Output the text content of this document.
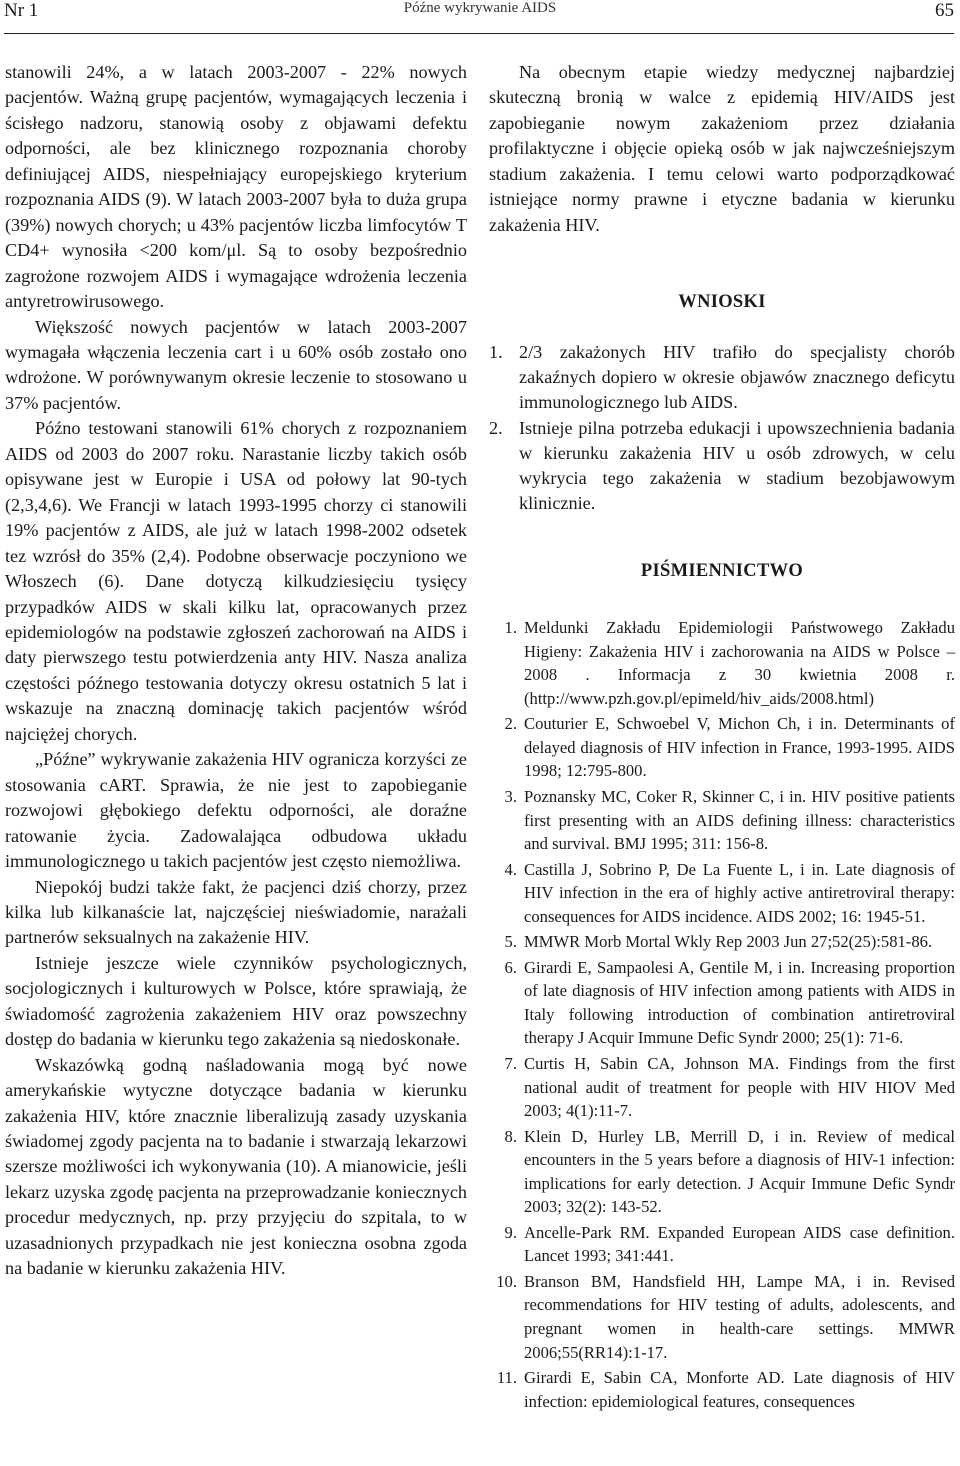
Nr 1	Późne wykrywanie AIDS	65

stanowili 24%, a w latach 2003-2007 - 22% nowych pacjentów. Ważną grupę pacjentów, wymagających leczenia i ścisłego nadzoru, stanowią osoby z objawami defektu odporności, ale bez klinicznego rozpoznania choroby definiującej AIDS, niespełniający europejskiego kryterium rozpoznania AIDS (9). W latach 2003-2007 była to duża grupa (39%) nowych chorych; u 43% pacjentów liczba limfocytów T CD4+ wynosiła <200 kom/μl. Są to osoby bezpośrednio zagrożone rozwojem AIDS i wymagające wdrożenia leczenia antyretrowirusowego.

Większość nowych pacjentów w latach 2003-2007 wymagała włączenia leczenia cart i u 60% osób zostało ono wdrożone. W porównywanym okresie leczenie to stosowano u 37% pacjentów.

Późno testowani stanowili 61% chorych z rozpoznaniem AIDS od 2003 do 2007 roku. Narastanie liczby takich osób opisywane jest w Europie i USA od połowy lat 90-tych (2,3,4,6). We Francji w latach 1993-1995 chorzy ci stanowili 19% pacjentów z AIDS, ale już w latach 1998-2002 odsetek tez wzrósł do 35% (2,4). Podobne obserwacje poczyniono we Włoszech (6). Dane dotyczą kilkudziesięciu tysięcy przypadków AIDS w skali kilku lat, opracowanych przez epidemiologów na podstawie zgłoszeń zachorowań na AIDS i daty pierwszego testu potwierdzenia anty HIV. Nasza analiza częstości późnego testowania dotyczy okresu ostatnich 5 lat i wskazuje na znaczną dominację takich pacjentów wśród najciężej chorych.

„Późne” wykrywanie zakażenia HIV ogranicza korzyści ze stosowania cART. Sprawia, że nie jest to zapobieganie rozwojowi głębokiego defektu odporności, ale doraźne ratowanie życia. Zadowalająca odbudowa układu immunologicznego u takich pacjentów jest często niemożliwa.

Niepokój budzi także fakt, że pacjenci dziś chorzy, przez kilka lub kilkanaście lat, najczęściej nieświadomie, narażali partnerów seksualnych na zakażenie HIV.

Istnieje jeszcze wiele czynników psychologicznych, socjologicznych i kulturowych w Polsce, które sprawiają, że świadomość zagrożenia zakażeniem HIV oraz powszechny dostęp do badania w kierunku tego zakażenia są niedoskonałe.

Wskazówką godną naśladowania mogą być nowe amerykańskie wytyczne dotyczące badania w kierunku zakażenia HIV, które znacznie liberalizują zasady uzyskania świadomej zgody pacjenta na to badanie i stwarzają lekarzowi szersze możliwości ich wykonywania (10). A mianowicie, jeśli lekarz uzyska zgodę pacjenta na przeprowadzanie koniecznych procedur medycznych, np. przy przyjęciu do szpitala, to w uzasadnionych przypadkach nie jest konieczna osobna zgoda na badanie w kierunku zakażenia HIV.

Na obecnym etapie wiedzy medycznej najbardziej skuteczną bronią w walce z epidemią HIV/AIDS jest zapobieganie nowym zakażeniom przez działania profilaktyczne i objęcie opieką osób w jak najwcześniejszym stadium zakażenia. I temu celowi warto podporządkować istniejące normy prawne i etyczne badania w kierunku zakażenia HIV.

WNIOSKI
1. 2/3 zakażonych HIV trafiło do specjalisty chorób zakaźnych dopiero w okresie objawów znacznego deficytu immunologicznego lub AIDS.
2. Istnieje pilna potrzeba edukacji i upowszechnienia badania w kierunku zakażenia HIV u osób zdrowych, w celu wykrycia tego zakażenia w stadium bezobjawowym klinicznie.
PIŚMIENNICTWO
1. Meldunki Zakładu Epidemiologii Państwowego Zakładu Higieny: Zakażenia HIV i zachorowania na AIDS w Polsce – 2008 . Informacja z 30 kwietnia 2008 r. (http://www.pzh.gov.pl/epimeld/hiv_aids/2008.html)
2. Couturier E, Schwoebel V, Michon Ch, i in. Determinants of delayed diagnosis of HIV infection in France, 1993-1995. AIDS 1998; 12:795-800.
3. Poznansky MC, Coker R, Skinner C, i in. HIV positive patients first presenting with an AIDS defining illness: characteristics and survival. BMJ 1995; 311: 156-8.
4. Castilla J, Sobrino P, De La Fuente L, i in. Late diagnosis of HIV infection in the era of highly active antiretroviral therapy: consequences for AIDS incidence. AIDS 2002; 16: 1945-51.
5. MMWR Morb Mortal Wkly Rep 2003 Jun 27;52(25):581-86.
6. Girardi E, Sampaolesi A, Gentile M, i in. Increasing proportion of late diagnosis of HIV infection among patients with AIDS in Italy following introduction of combination antiretroviral therapy J Acquir Immune Defic Syndr 2000; 25(1): 71-6.
7. Curtis H, Sabin CA, Johnson MA. Findings from the first national audit of treatment for people with HIV HIOV Med 2003; 4(1):11-7.
8. Klein D, Hurley LB, Merrill D, i in. Review of medical encounters in the 5 years before a diagnosis of HIV-1 infection: implications for early detection. J Acquir Immune Defic Syndr 2003; 32(2): 143-52.
9. Ancelle-Park RM. Expanded European AIDS case definition. Lancet 1993; 341:441.
10. Branson BM, Handsfield HH, Lampe MA, i in. Revised recommendations for HIV testing of adults, adolescents, and pregnant women in health-care settings. MMWR 2006;55(RR14):1-17.
11. Girardi E, Sabin CA, Monforte AD. Late diagnosis of HIV infection: epidemiological features, consequences
